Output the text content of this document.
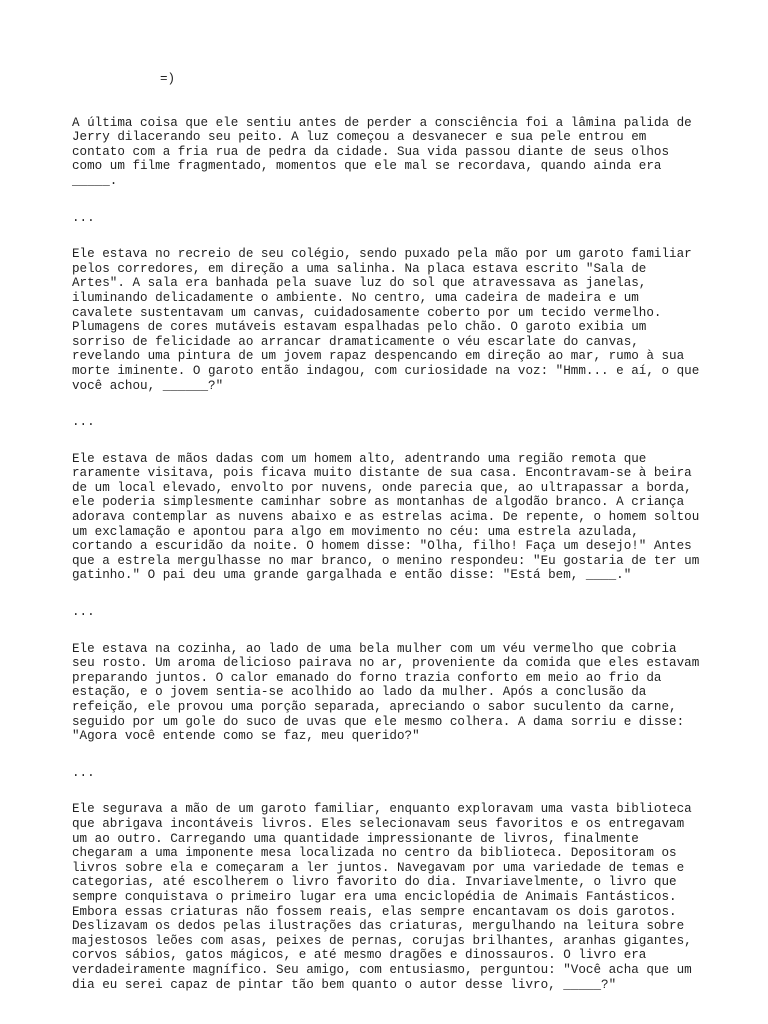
=)
A última coisa que ele sentiu antes de perder a consciência foi a lâmina palida de
Jerry dilacerando seu peito. A luz começou a desvanecer e sua pele entrou em
contato com a fria rua de pedra da cidade. Sua vida passou diante de seus olhos
como um filme fragmentado, momentos que ele mal se recordava, quando ainda era
_____.
...
Ele estava no recreio de seu colégio, sendo puxado pela mão por um garoto familiar
pelos corredores, em direção a uma salinha. Na placa estava escrito "Sala de
Artes". A sala era banhada pela suave luz do sol que atravessava as janelas,
iluminando delicadamente o ambiente. No centro, uma cadeira de madeira e um
cavalete sustentavam um canvas, cuidadosamente coberto por um tecido vermelho.
Plumagens de cores mutáveis estavam espalhadas pelo chão. O garoto exibia um
sorriso de felicidade ao arrancar dramaticamente o véu escarlate do canvas,
revelando uma pintura de um jovem rapaz despencando em direção ao mar, rumo à sua
morte iminente. O garoto então indagou, com curiosidade na voz: "Hmm... e aí, o que
você achou, ______?"
...
Ele estava de mãos dadas com um homem alto, adentrando uma região remota que
raramente visitava, pois ficava muito distante de sua casa. Encontravam-se à beira
de um local elevado, envolto por nuvens, onde parecia que, ao ultrapassar a borda,
ele poderia simplesmente caminhar sobre as montanhas de algodão branco. A criança
adorava contemplar as nuvens abaixo e as estrelas acima. De repente, o homem soltou
um exclamação e apontou para algo em movimento no céu: uma estrela azulada,
cortando a escuridão da noite. O homem disse: "Olha, filho! Faça um desejo!" Antes
que a estrela mergulhasse no mar branco, o menino respondeu: "Eu gostaria de ter um
gatinho." O pai deu uma grande gargalhada e então disse: "Está bem, ____."
...
Ele estava na cozinha, ao lado de uma bela mulher com um véu vermelho que cobria
seu rosto. Um aroma delicioso pairava no ar, proveniente da comida que eles estavam
preparando juntos. O calor emanado do forno trazia conforto em meio ao frio da
estação, e o jovem sentia-se acolhido ao lado da mulher. Após a conclusão da
refeição, ele provou uma porção separada, apreciando o sabor suculento da carne,
seguido por um gole do suco de uvas que ele mesmo colhera. A dama sorriu e disse:
"Agora você entende como se faz, meu querido?"
...
Ele segurava a mão de um garoto familiar, enquanto exploravam uma vasta biblioteca
que abrigava incontáveis livros. Eles selecionavam seus favoritos e os entregavam
um ao outro. Carregando uma quantidade impressionante de livros, finalmente
chegaram a uma imponente mesa localizada no centro da biblioteca. Depositoram os
livros sobre ela e começaram a ler juntos. Navegavam por uma variedade de temas e
categorias, até escolherem o livro favorito do dia. Invariavelmente, o livro que
sempre conquistava o primeiro lugar era uma enciclopédia de Animais Fantásticos.
Embora essas criaturas não fossem reais, elas sempre encantavam os dois garotos.
Deslizavam os dedos pelas ilustrações das criaturas, mergulhando na leitura sobre
majestosos leões com asas, peixes de pernas, corujas brilhantes, aranhas gigantes,
corvos sábios, gatos mágicos, e até mesmo dragões e dinossauros. O livro era
verdadeiramente magnífico. Seu amigo, com entusiasmo, perguntou: "Você acha que um
dia eu serei capaz de pintar tão bem quanto o autor desse livro, _____?"
